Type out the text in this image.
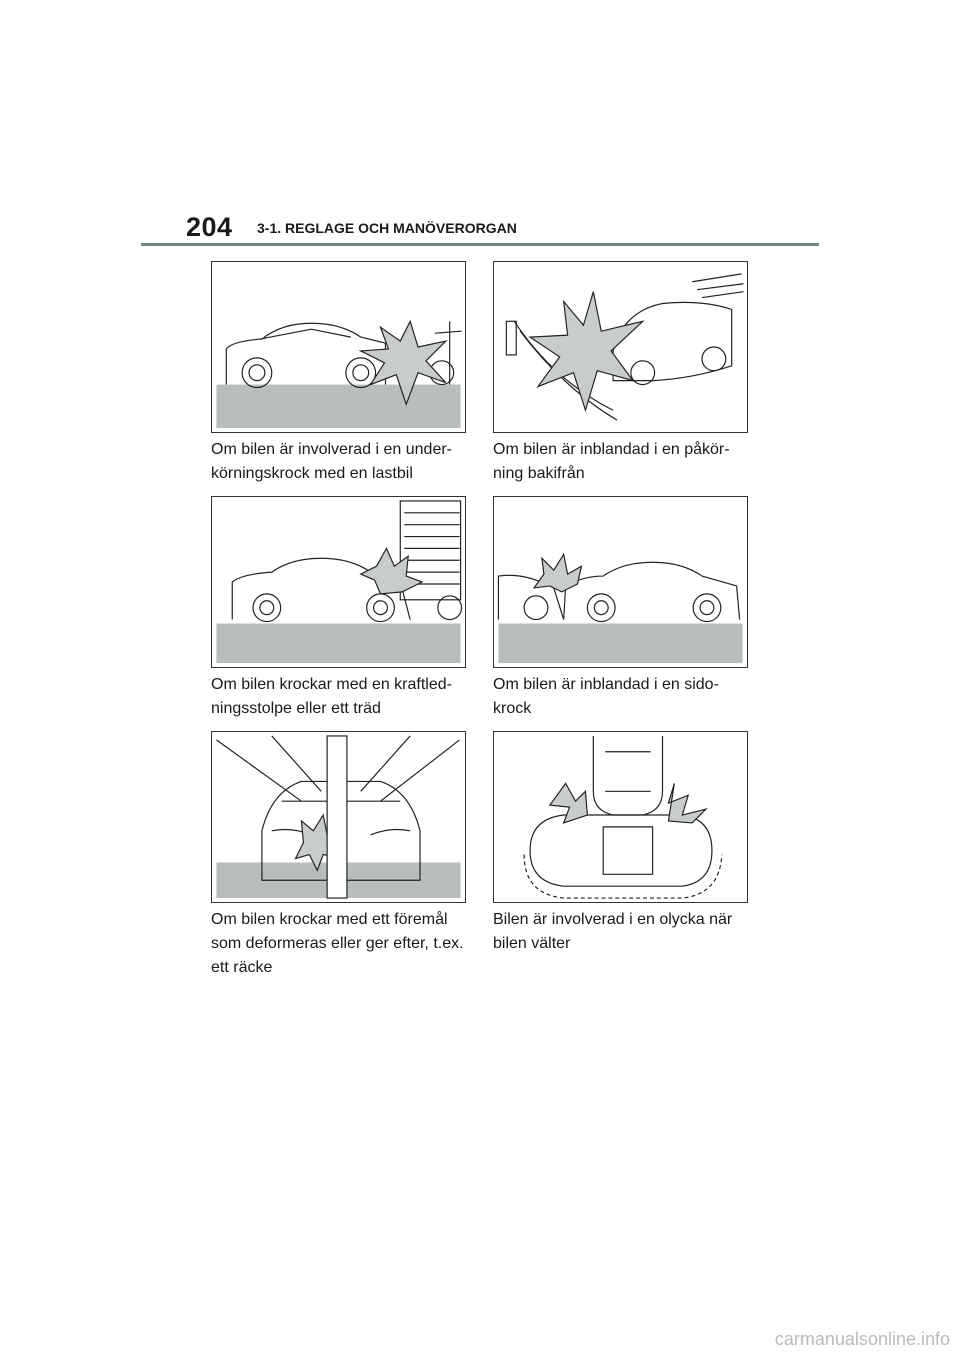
204 3-1. REGLAGE OCH MANÖVERORGAN
Om bilen är involverad i en under-
körningskrock med en lastbil
Om bilen är inblandad i en påkör-
ning bakifrån
Om bilen krockar med en kraftled-
ningsstolpe eller ett träd
Om bilen är inblandad i en sido-
krock
Om bilen krockar med ett föremål
som deformeras eller ger efter, t.ex.
ett räcke
Bilen är involverad i en olycka när
bilen välter
carmanualsonline.info
